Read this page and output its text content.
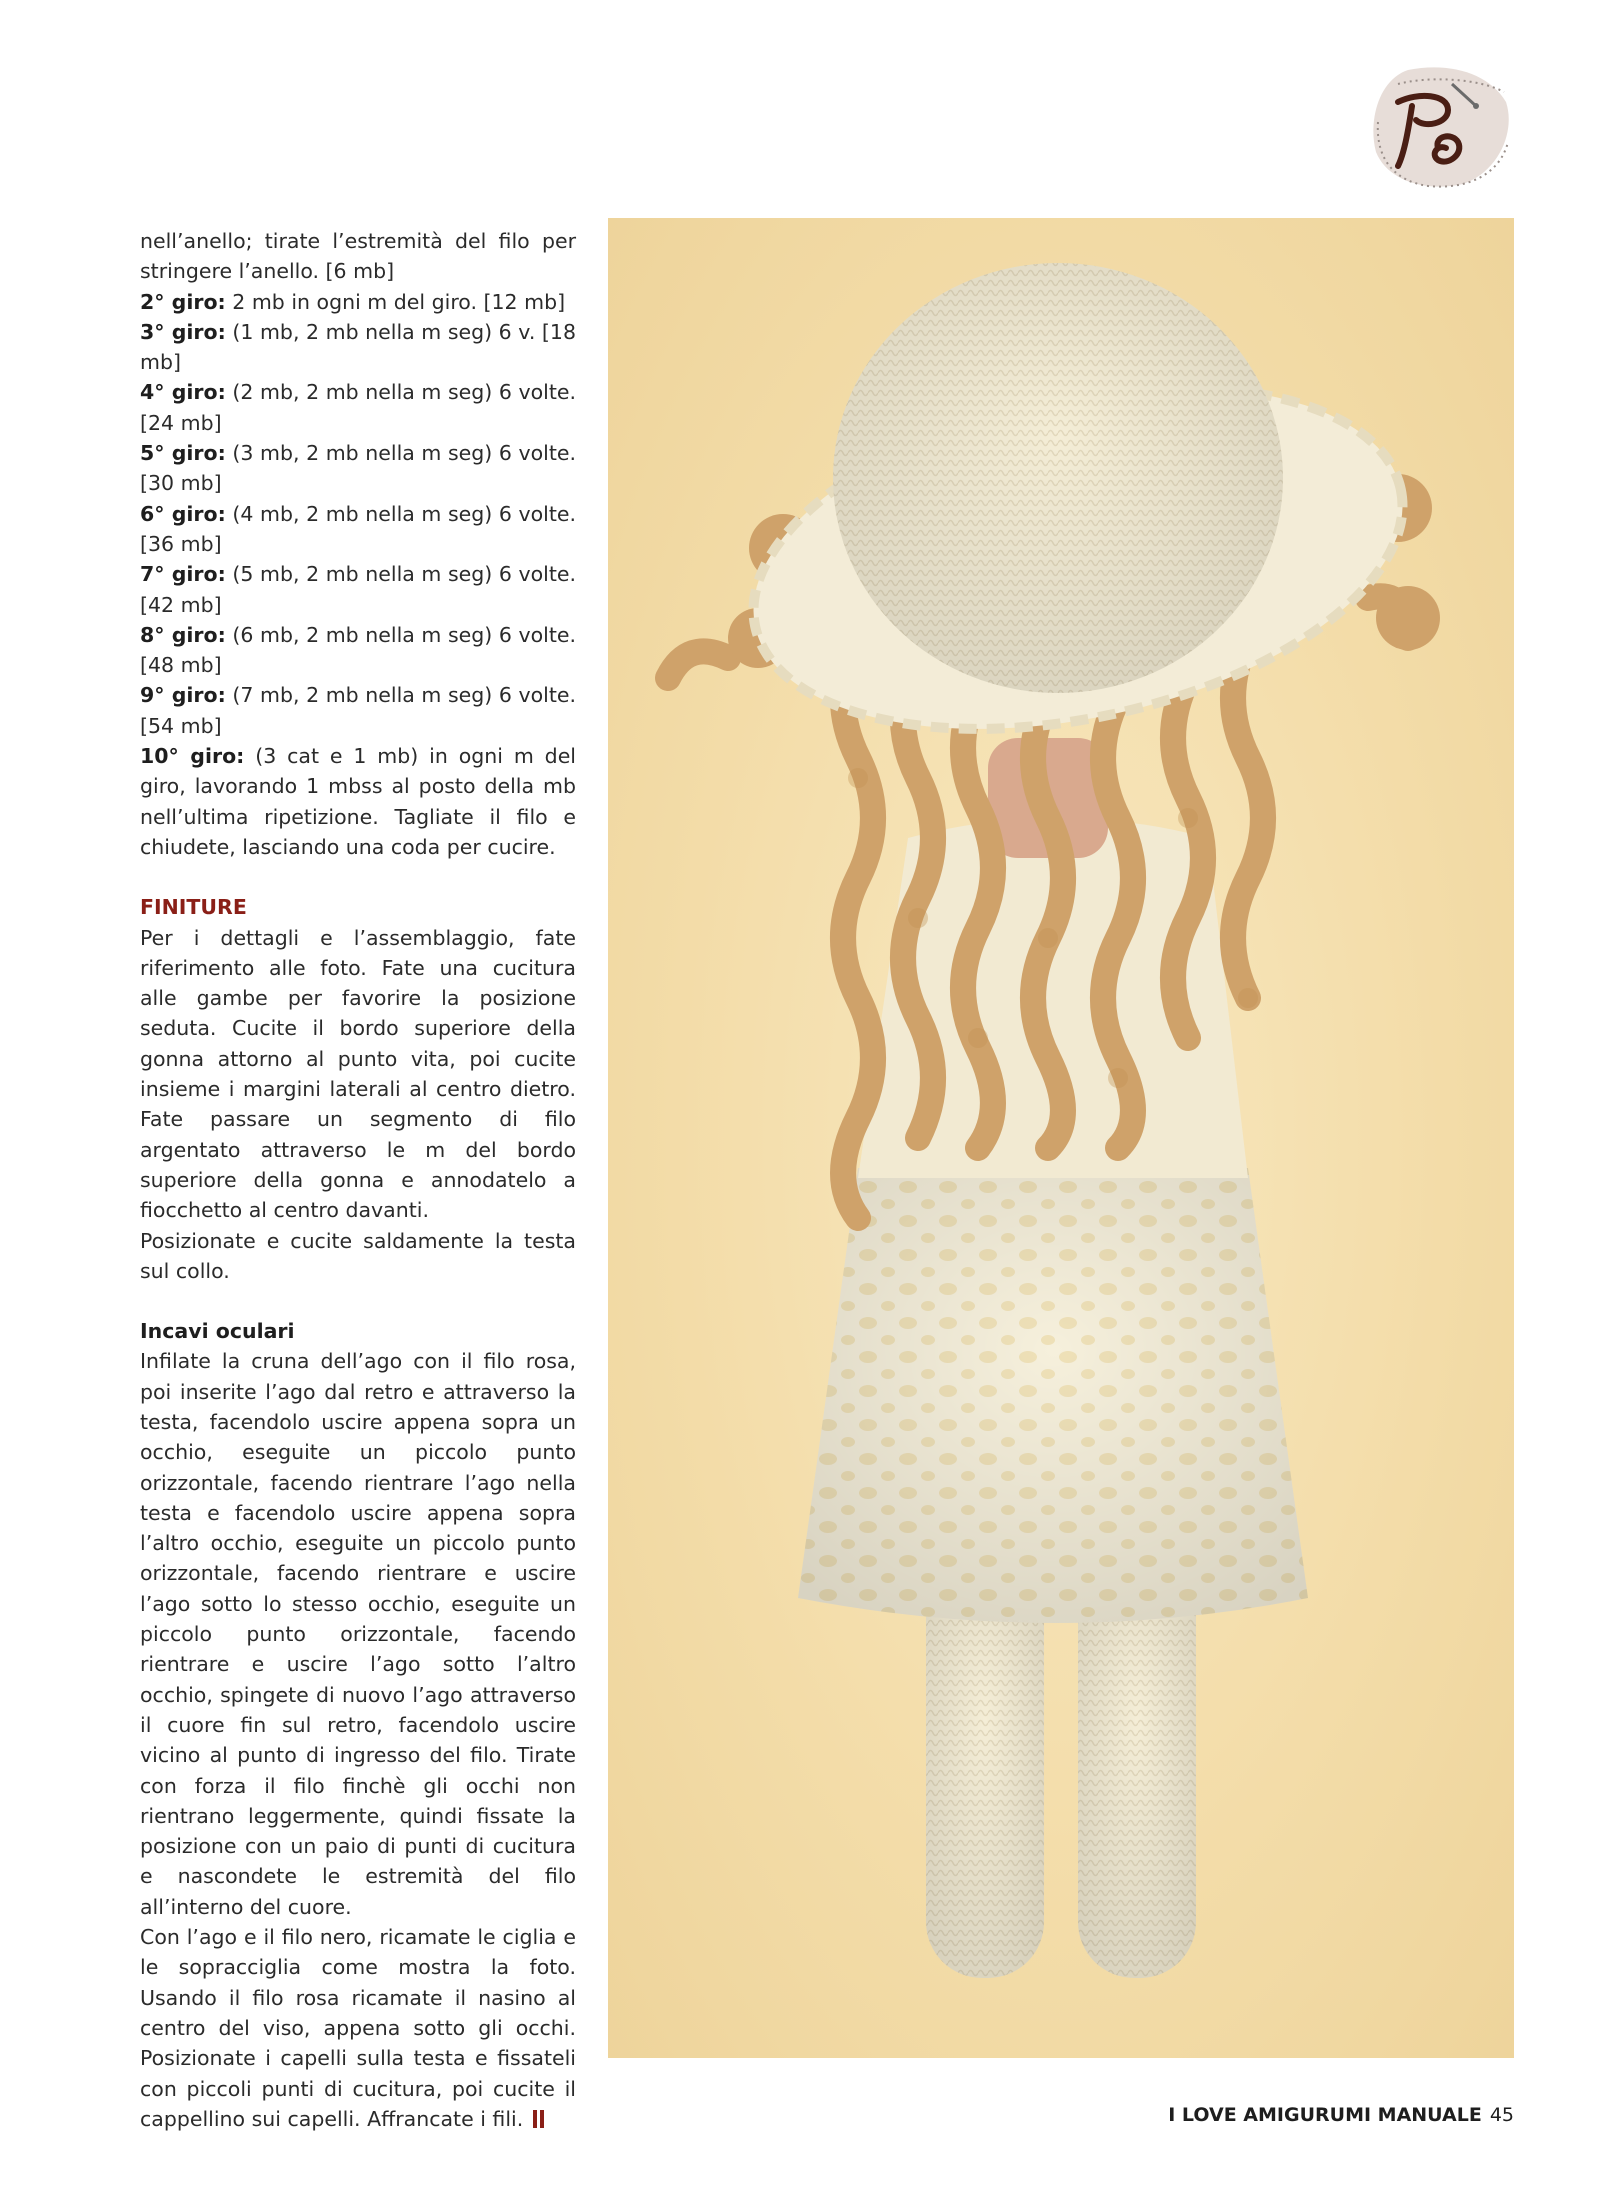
nell’anello; tirate l’estremità del filo per stringere l’anello. [6 mb]

2° giro: 2 mb in ogni m del giro. [12 mb]

3° giro: (1 mb, 2 mb nella m seg) 6 v. [18 mb]

4° giro: (2 mb, 2 mb nella m seg) 6 volte. [24 mb]

5° giro: (3 mb, 2 mb nella m seg) 6 volte. [30 mb]

6° giro: (4 mb, 2 mb nella m seg) 6 volte. [36 mb]

7° giro: (5 mb, 2 mb nella m seg) 6 volte. [42 mb]

8° giro: (6 mb, 2 mb nella m seg) 6 volte. [48 mb]

9° giro: (7 mb, 2 mb nella m seg) 6 volte. [54 mb]

10° giro: (3 cat e 1 mb) in ogni m del giro, lavorando 1 mbss al posto della mb nell’ultima ripetizione. Tagliate il filo e chiudete, lasciando una coda per cucire.

FINITURE

Per i dettagli e l’assemblaggio, fate riferimento alle foto. Fate una cucitura alle gambe per favorire la posizione seduta. Cucite il bordo superiore della gonna attorno al punto vita, poi cucite insieme i margini laterali al centro dietro. Fate passare un segmento di filo argentato attraverso le m del bordo superiore della gonna e annodatelo a fiocchetto al centro davanti.

Posizionate e cucite saldamente la testa sul collo.

Incavi oculari

Infilate la cruna dell’ago con il filo rosa, poi inserite l’ago dal retro e attraverso la testa, facendolo uscire appena sopra un occhio, eseguite un piccolo punto orizzontale, facendo rientrare l’ago nella testa e facendolo uscire appena sopra l’altro occhio, eseguite un piccolo punto orizzontale, facendo rientrare e uscire l’ago sotto lo stesso occhio, eseguite un piccolo punto orizzontale, facendo rientrare e uscire l’ago sotto l’altro occhio, spingete di nuovo l’ago attraverso il cuore fin sul retro, facendolo uscire vicino al punto di ingresso del filo. Tirate con forza il filo finchè gli occhi non rientrano leggermente, quindi fissate la posizione con un paio di punti di cucitura e nascondete le estremità del filo all’interno del cuore.

Con l’ago e il filo nero, ricamate le ciglia e le sopracciglia come mostra la foto. Usando il filo rosa ricamate il nasino al centro del viso, appena sotto gli occhi. Posizionate i capelli sulla testa e fissateli con piccoli punti di cucitura, poi cucite il cappellino sui capelli. Affrancate i fili.	I LOVE AMIGURUMI MANUALE 45
